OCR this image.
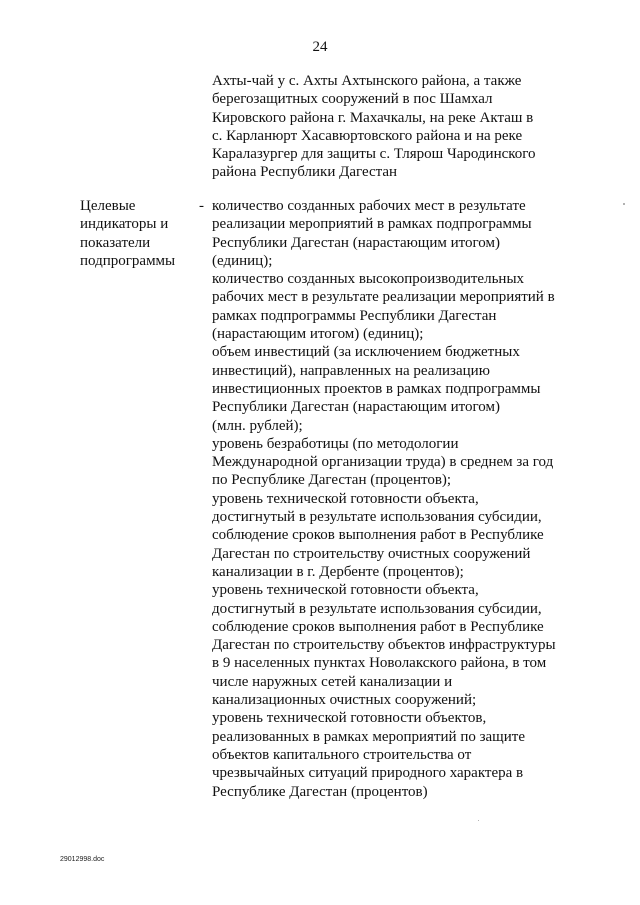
24
Ахты-чай у с. Ахты Ахтынского района, а также
берегозащитных сооружений в пос Шамхал
Кировского района г. Махачкалы, на реке Акташ в
с. Карланюрт Хасавюртовского района и на реке
Каралазургер для защиты с. Тлярош Чародинского
района Республики Дагестан
Целевые
индикаторы и
показатели
подпрограммы
- количество созданных рабочих мест в результате
реализации мероприятий в рамках подпрограммы
Республики Дагестан (нарастающим итогом)
(единиц);
количество созданных высокопроизводительных
рабочих мест в результате реализации мероприятий в
рамках подпрограммы Республики Дагестан
(нарастающим итогом) (единиц);
объем инвестиций (за исключением бюджетных
инвестиций), направленных на реализацию
инвестиционных проектов в рамках подпрограммы
Республики Дагестан (нарастающим итогом)
(млн. рублей);
уровень безработицы (по методологии
Международной организации труда) в среднем за год
по Республике Дагестан (процентов);
уровень технической готовности объекта,
достигнутый в результате использования субсидии,
соблюдение сроков выполнения работ в Республике
Дагестан по строительству очистных сооружений
канализации в г. Дербенте (процентов);
уровень технической готовности объекта,
достигнутый в результате использования субсидии,
соблюдение сроков выполнения работ в Республике
Дагестан по строительству объектов инфраструктуры
в 9 населенных пунктах Новолакского района, в том
числе наружных сетей канализации и
канализационных очистных сооружений;
уровень технической готовности объектов,
реализованных в рамках мероприятий по защите
объектов капитального строительства от
чрезвычайных ситуаций природного характера в
Республике Дагестан (процентов)
29012998.doc
